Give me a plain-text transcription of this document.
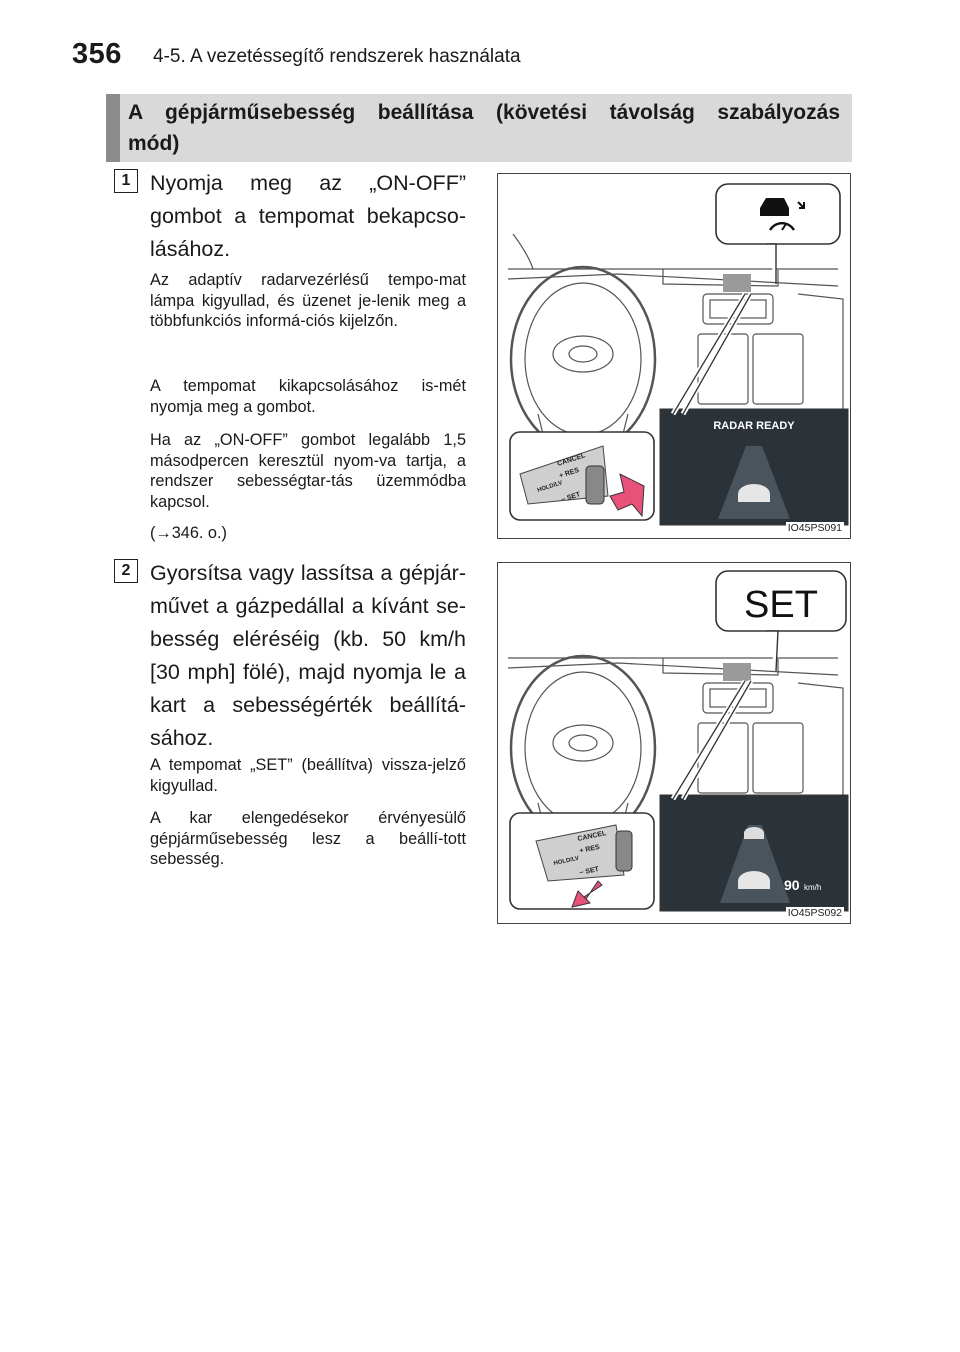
356 4-5. A vezetéssegítő rendszerek használata
A gépjárműsebesség beállítása (követési távolság szabályozás mód)
1 Nyomja meg az „ON-OFF” gombot a tempomat bekapcso-lásához.
Az adaptív radarvezérlésű tempo-mat lámpa kigyullad, és üzenet je-lenik meg a többfunkciós informá-ciós kijelzőn.
A tempomat kikapcsolásához is-mét nyomja meg a gombot.
Ha az „ON-OFF” gombot legalább 1,5 másodpercen keresztül nyom-va tartja, a rendszer sebességtar-tás üzemmódba kapcsol.
(→346. o.)
RADAR READY
CANCEL
+ RES
HOLD/LV
− SET
IO45PS091
2 Gyorsítsa vagy lassítsa a gépjár-művet a gázpedállal a kívánt se-besség eléréséig (kb. 50 km/h [30 mph] fölé), majd nyomja le a kart a sebességérték beállítá-sához.
A tempomat „SET” (beállítva) vissza-jelző kigyullad.
A kar elengedésekor érvényesülő gépjárműsebesség lesz a beállí-tott sebesség.
SET
90 km/h
CANCEL
+ RES
HOLD/LV
− SET
IO45PS092
